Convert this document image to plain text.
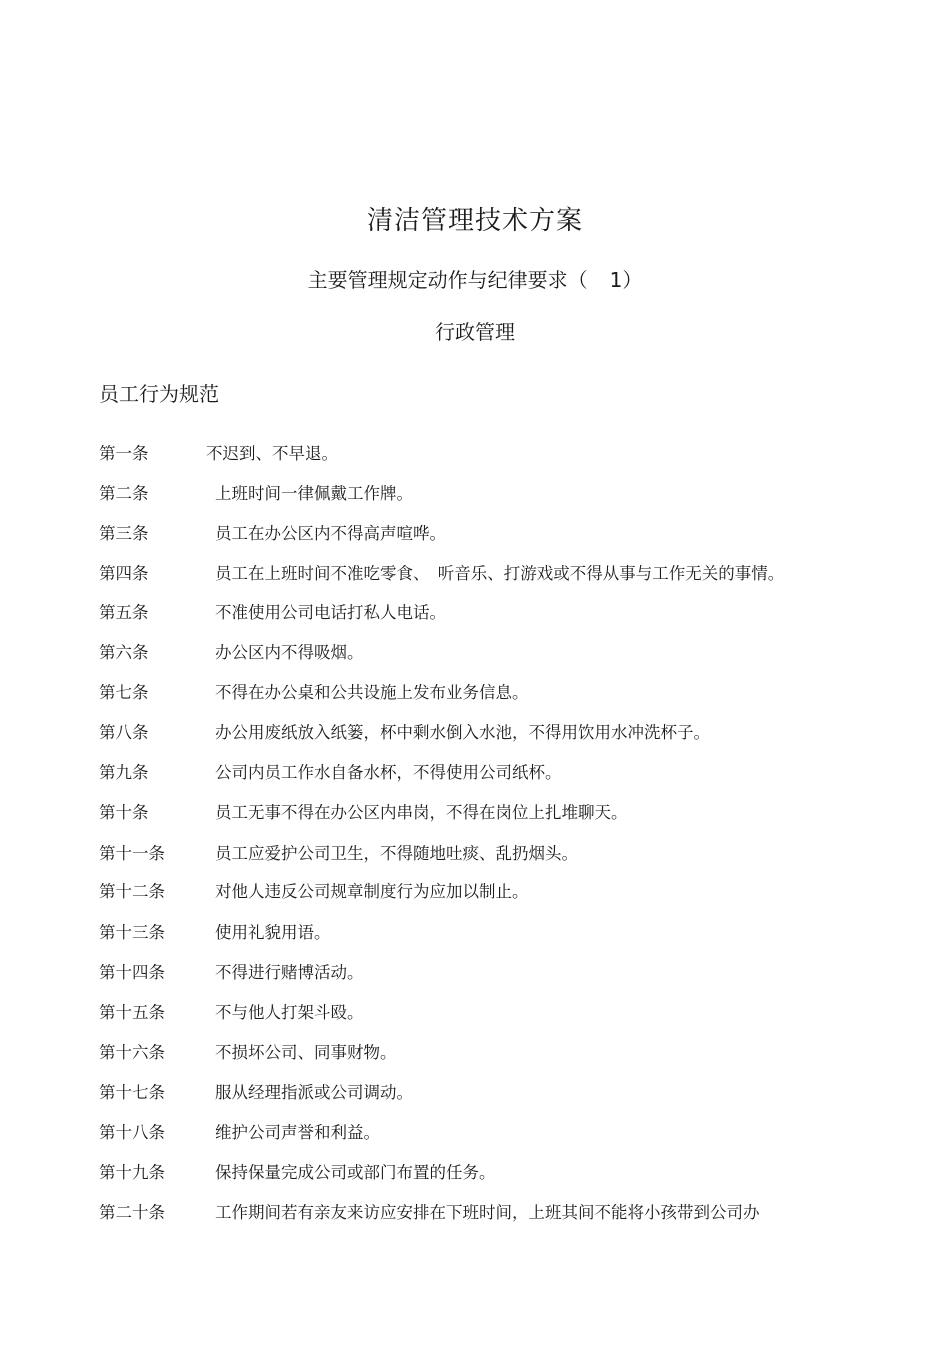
清洁管理技术方案
主要管理规定动作与纪律要求（ 1）
行政管理
员工行为规范
第一条	不迟到、不早退。
第二条	上班时间一律佩戴工作牌。
第三条	员工在办公区内不得高声喧哗。
第四条	员工在上班时间不准吃零食、　听音乐、打游戏或不得从事与工作无关的事情。
第五条	不准使用公司电话打私人电话。
第六条	办公区内不得吸烟。
第七条	不得在办公桌和公共设施上发布业务信息。
第八条	办公用废纸放入纸篓，杯中剩水倒入水池，不得用饮用水冲洗杯子。
第九条	公司内员工作水自备水杯，不得使用公司纸杯。
第十条	员工无事不得在办公区内串岗，不得在岗位上扎堆聊天。
第十一条	员工应爱护公司卫生，不得随地吐痰、乱扔烟头。
第十二条	对他人违反公司规章制度行为应加以制止。
第十三条	使用礼貌用语。
第十四条	不得进行赌博活动。
第十五条	不与他人打架斗殴。
第十六条	不损坏公司、同事财物。
第十七条	服从经理指派或公司调动。
第十八条	维护公司声誉和利益。
第十九条	保持保量完成公司或部门布置的任务。
第二十条	工作期间若有亲友来访应安排在下班时间，上班其间不能将小孩带到公司办
